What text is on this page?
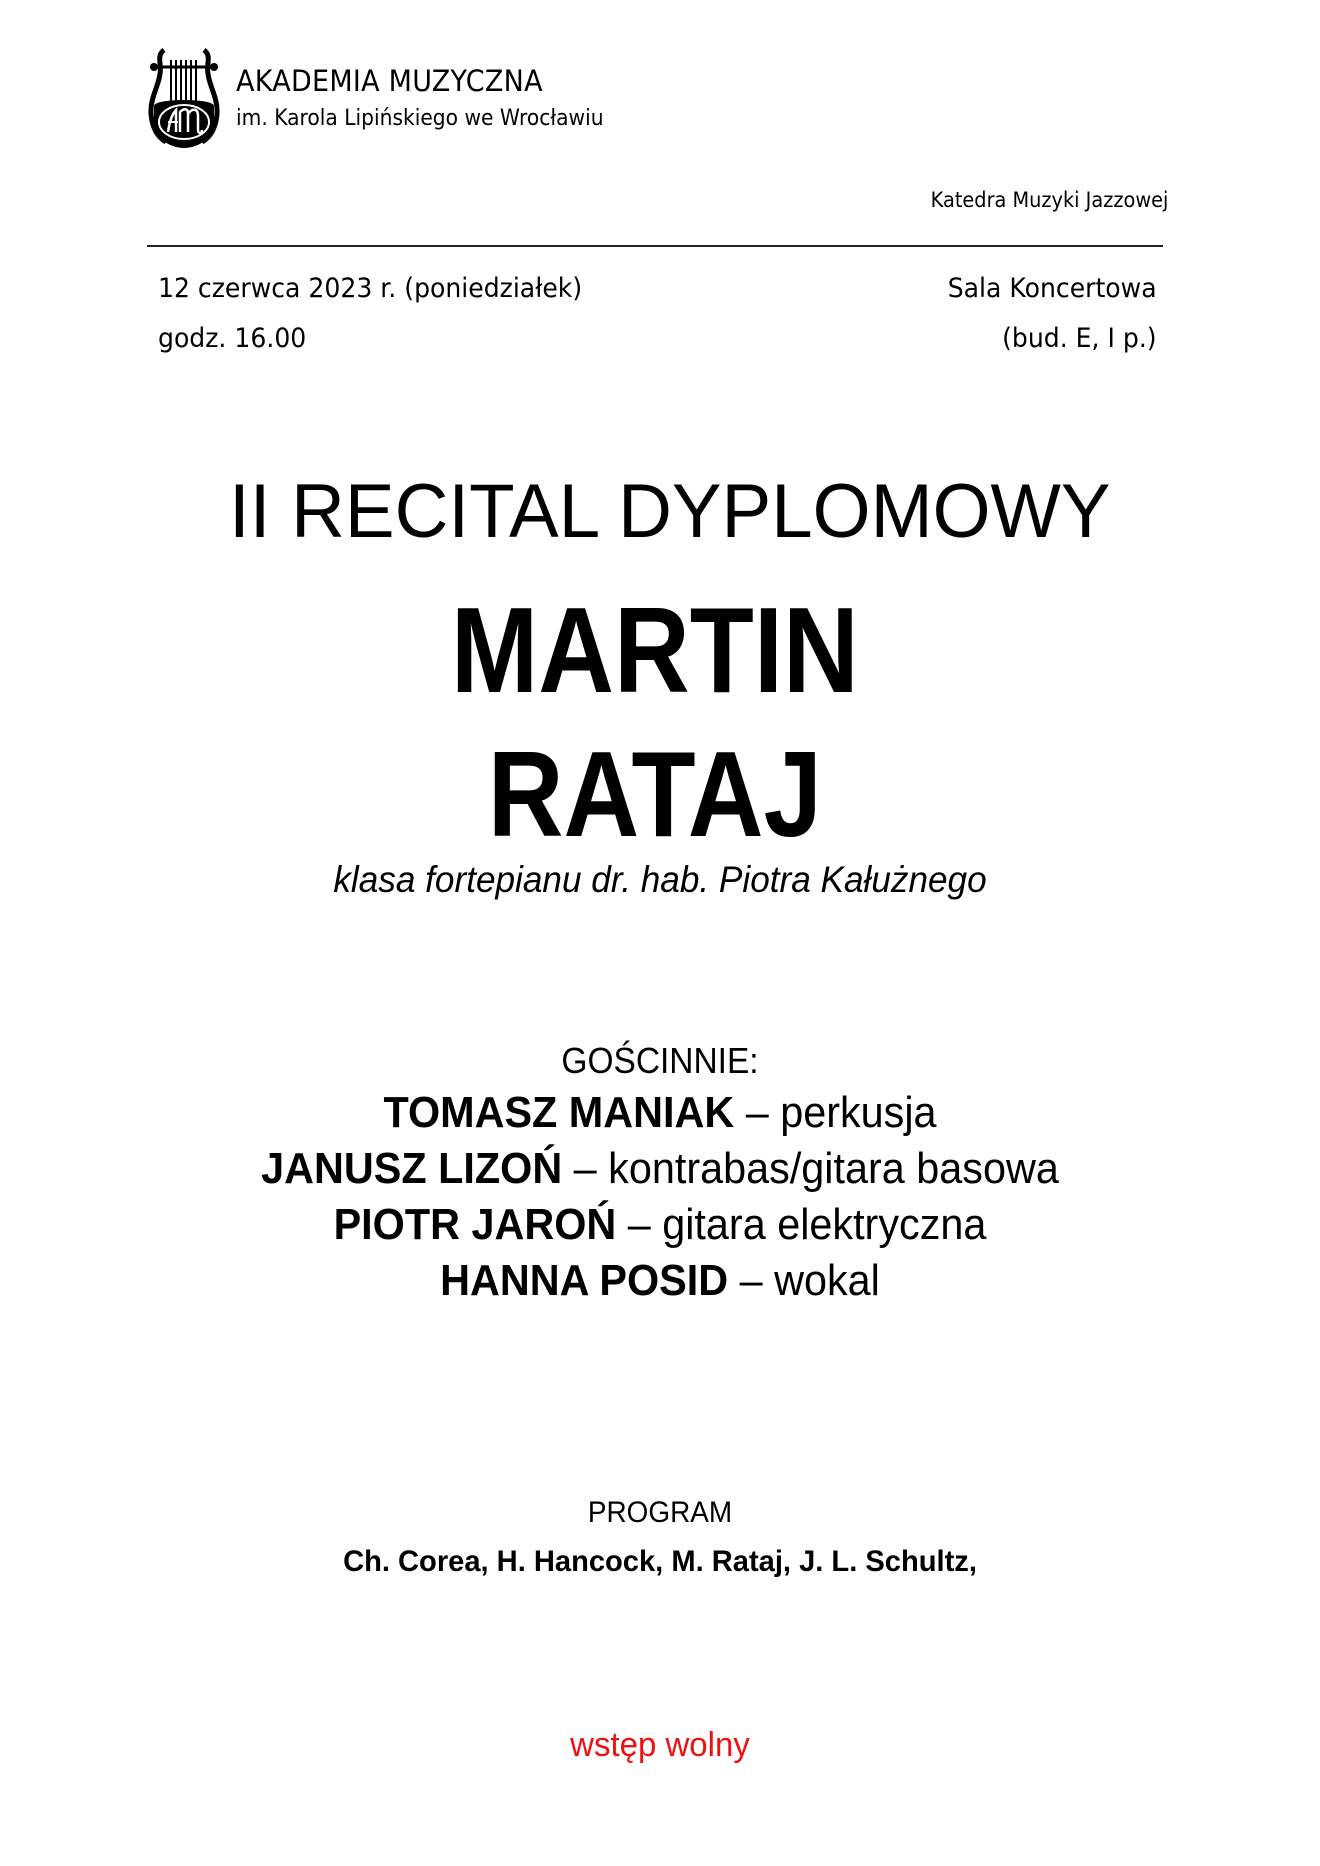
AKADEMIA MUZYCZNA
im. Karola Lipińskiego we Wrocławiu
Katedra Muzyki Jazzowej
12 czerwca 2023 r. (poniedziałek)
godz. 16.00
Sala Koncertowa
(bud. E, I p.)
II RECITAL DYPLOMOWY
MARTIN
RATAJ
klasa fortepianu dr. hab. Piotra Kałużnego
GOŚCINNIE:
TOMASZ MANIAK – perkusja
JANUSZ LIZOŃ – kontrabas/gitara basowa
PIOTR JAROŃ – gitara elektryczna
HANNA POSID – wokal
PROGRAM
Ch. Corea, H. Hancock, M. Rataj, J. L. Schultz,
wstęp wolny
